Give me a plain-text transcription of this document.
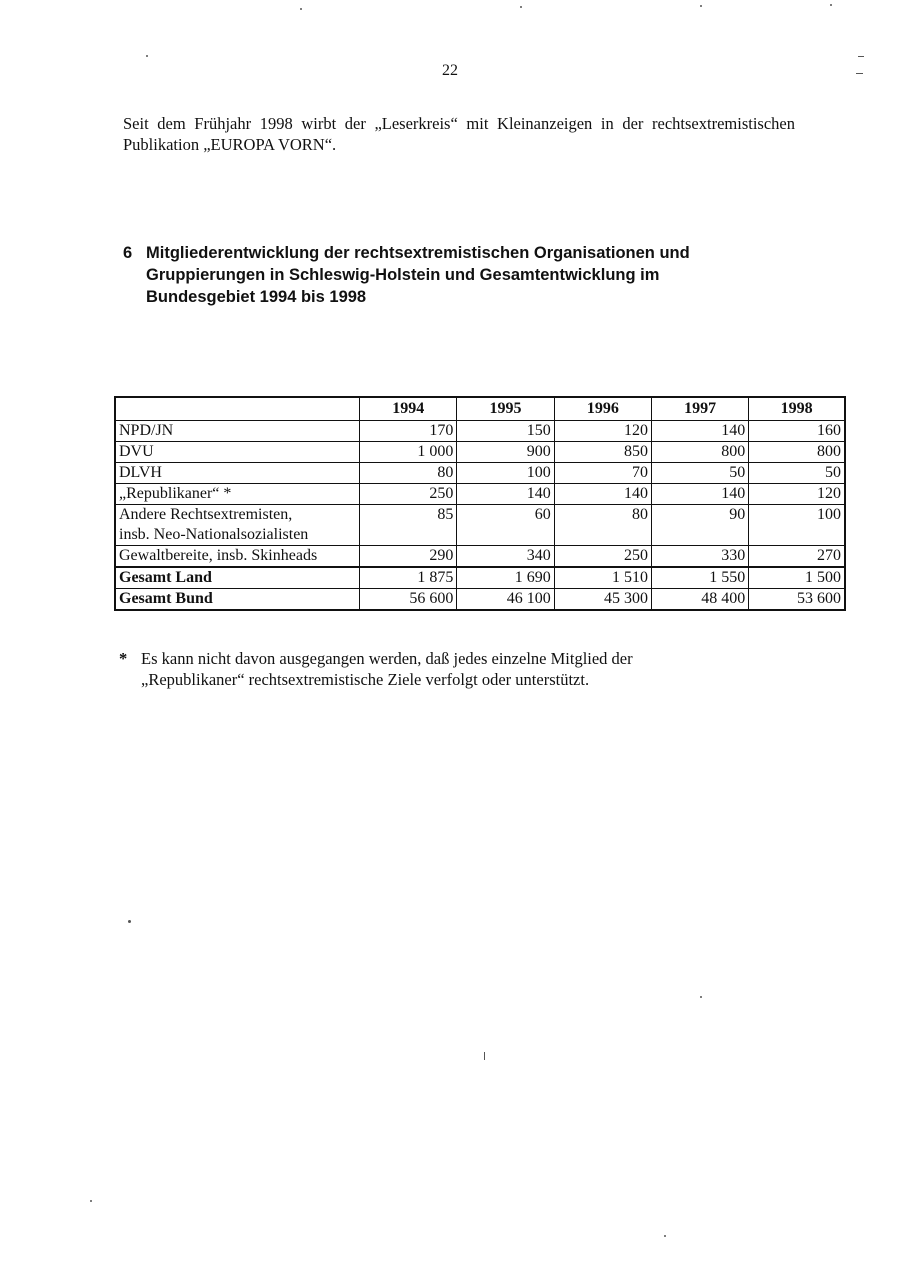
22

Seit dem Frühjahr 1998 wirbt der „Leserkreis“ mit Kleinanzeigen in der rechtsextremistischen Publikation „EUROPA VORN“.

6 Mitgliederentwicklung der rechtsextremistischen Organisationen und
Gruppierungen in Schleswig-Holstein und Gesamtentwicklung im
Bundesgebiet 1994 bis 1998
	1994	1995	1996	1997	1998
NPD/JN	170	150	120	140	160
DVU	1 000	900	850	800	800
DLVH	80	100	70	50	50
„Republikaner“ *	250	140	140	140	120

Andere Rechtsextremisten,
insb. Neo-Nationalsozialisten	85	60	80	90	100
Gewaltbereite, insb. Skinheads	290	340	250	330	270
Gesamt Land	1 875	1 690	1 510	1 550	1 500
Gesamt Bund	56 600	46 100	45 300	48 400	53 600
* Es kann nicht davon ausgegangen werden, daß jedes einzelne Mitglied der
„Republikaner“ rechtsextremistische Ziele verfolgt oder unterstützt.
